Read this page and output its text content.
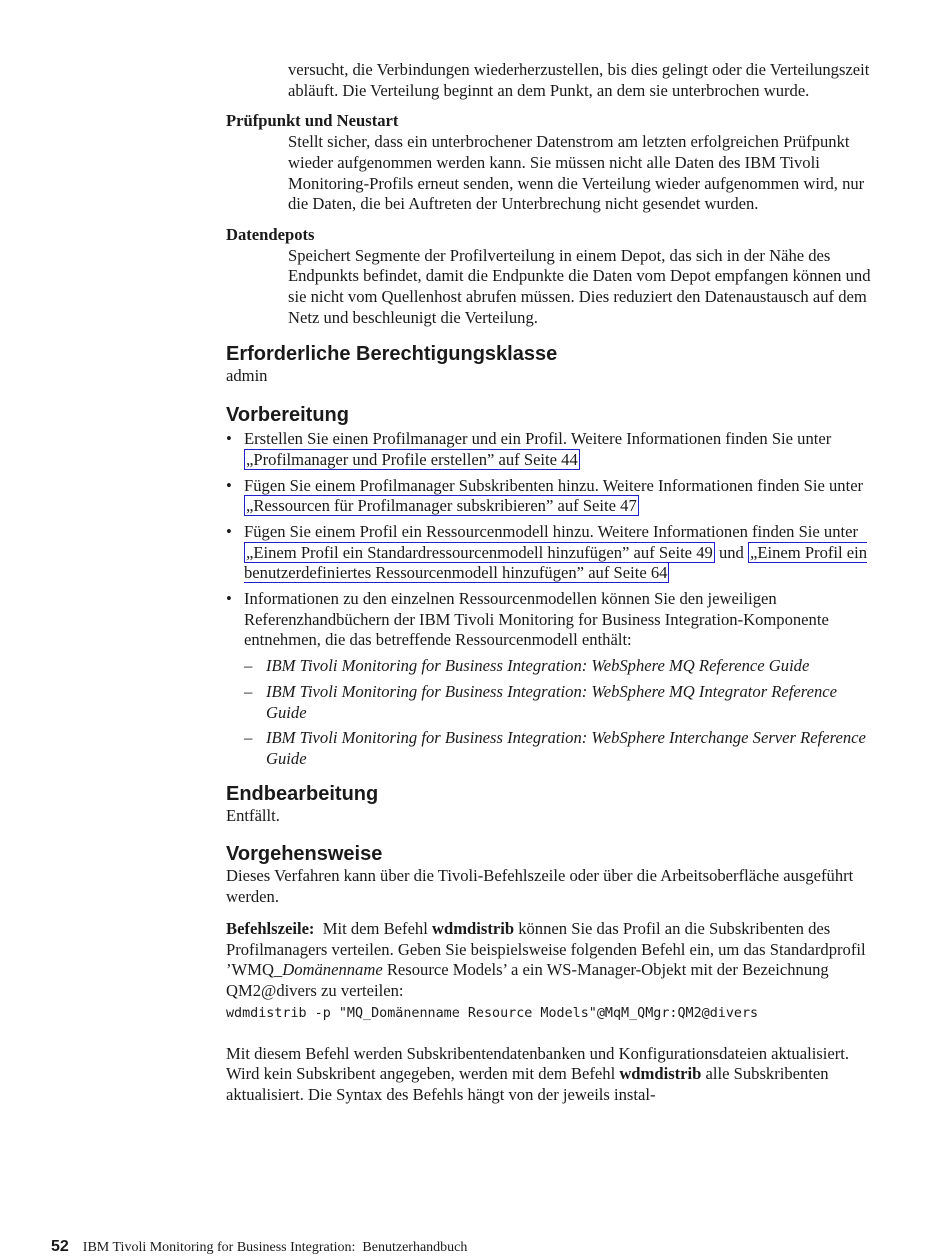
versucht, die Verbindungen wiederherzustellen, bis dies gelingt oder die Verteilungszeit abläuft. Die Verteilung beginnt an dem Punkt, an dem sie unterbrochen wurde.

Prüfpunkt und Neustart

Stellt sicher, dass ein unterbrochener Datenstrom am letzten erfolgreichen Prüfpunkt wieder aufgenommen werden kann. Sie müssen nicht alle Daten des IBM Tivoli Monitoring-Profils erneut senden, wenn die Verteilung wieder aufgenommen wird, nur die Daten, die bei Auftreten der Unterbrechung nicht gesendet wurden.

Datendepots

Speichert Segmente der Profilverteilung in einem Depot, das sich in der Nähe des Endpunkts befindet, damit die Endpunkte die Daten vom Depot empfangen können und sie nicht vom Quellenhost abrufen müssen. Dies reduziert den Datenaustausch auf dem Netz und beschleunigt die Verteilung.

Erforderliche Berechtigungsklasse

admin

Vorbereitung
• Erstellen Sie einen Profilmanager und ein Profil. Weitere Informationen finden Sie unter „Profilmanager und Profile erstellen” auf Seite 44
• Fügen Sie einem Profilmanager Subskribenten hinzu. Weitere Informationen finden Sie unter „Ressourcen für Profilmanager subskribieren” auf Seite 47
• Fügen Sie einem Profil ein Ressourcenmodell hinzu. Weitere Informationen finden Sie unter „Einem Profil ein Standardressourcenmodell hinzufügen” auf Seite 49 und „Einem Profil ein benutzerdefiniertes Ressourcenmodell hinzufügen” auf Seite 64
• Informationen zu den einzelnen Ressourcenmodellen können Sie den jeweiligen Referenzhandbüchern der IBM Tivoli Monitoring for Business Integration-Komponente entnehmen, die das betreffende Ressourcenmodell enthält:
– IBM Tivoli Monitoring for Business Integration: WebSphere MQ Reference Guide
– IBM Tivoli Monitoring for Business Integration: WebSphere MQ Integrator Reference Guide
– IBM Tivoli Monitoring for Business Integration: WebSphere Interchange Server Reference Guide
Endbearbeitung

Entfällt.

Vorgehensweise

Dieses Verfahren kann über die Tivoli-Befehlszeile oder über die Arbeitsoberfläche ausgeführt werden.

Befehlszeile:  Mit dem Befehl wdmdistrib können Sie das Profil an die Subskribenten des Profilmanagers verteilen. Geben Sie beispielsweise folgenden Befehl ein, um das Standardprofil ’WMQ_Domänenname Resource Models’ a ein WS-Manager-Objekt mit der Bezeichnung QM2@divers zu verteilen:

wdmdistrib -p "MQ_Domänenname Resource Models"@MqM_QMgr:QM2@divers

Mit diesem Befehl werden Subskribentendatenbanken und Konfigurationsdateien aktualisiert. Wird kein Subskribent angegeben, werden mit dem Befehl wdmdistrib alle Subskribenten aktualisiert. Die Syntax des Befehls hängt von der jeweils instal-

52 IBM Tivoli Monitoring for Business Integration:  Benutzerhandbuch
